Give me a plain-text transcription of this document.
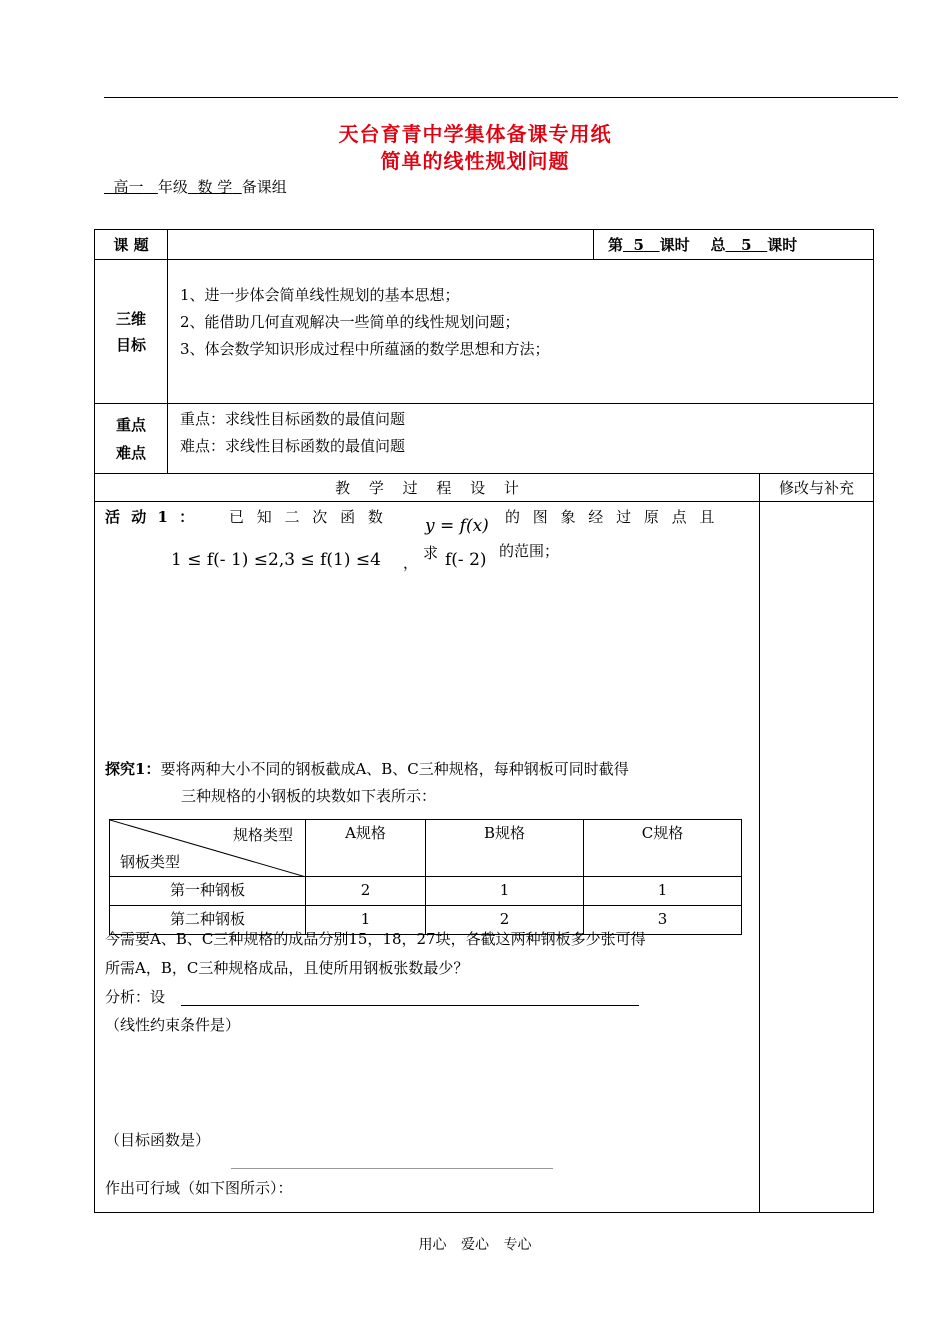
天台育青中学集体备课专用纸
简单的线性规划问题
高一 年级 数 学 备课组
课 题		第 5 课时    总 5 课时

三维
目标

1、进一步体会简单线性规划的基本思想；
2、能借助几何直观解决一些简单的线性规划问题；
3、体会数学知识形成过程中所蕴涵的数学思想和方法；

重点
难点

重点：求线性目标函数的最值问题
难点：求线性目标函数的最值问题

教 学 过 程 设 计	修改与补充

活 动 1 ： 已 知 二 次 函 数 y = f(x) 的 图 象 经 过 原 点 且
1 ≤ f(- 1) ≤2,3 ≤ f(1) ≤4 ，
求 f(- 2) 的范围；
探究1：要将两种大小不同的钢板截成A、B、C三种规格，每种钢板可同时截得
三种规格的小钢板的块数如下表所示：
规格类型
钢板类型
	A规格	B规格	C规格
第一种钢板	2	1	1
第二种钢板	1	2	3
今需要A、B、C三种规格的成品分别15，18，27块，各截这两种钢板多少张可得
所需A，B，C三种规格成品，且使所用钢板张数最少？
分析：设
（线性约束条件是）
（目标函数是）
作出可行域（如下图所示）：

用心 爱心 专心
